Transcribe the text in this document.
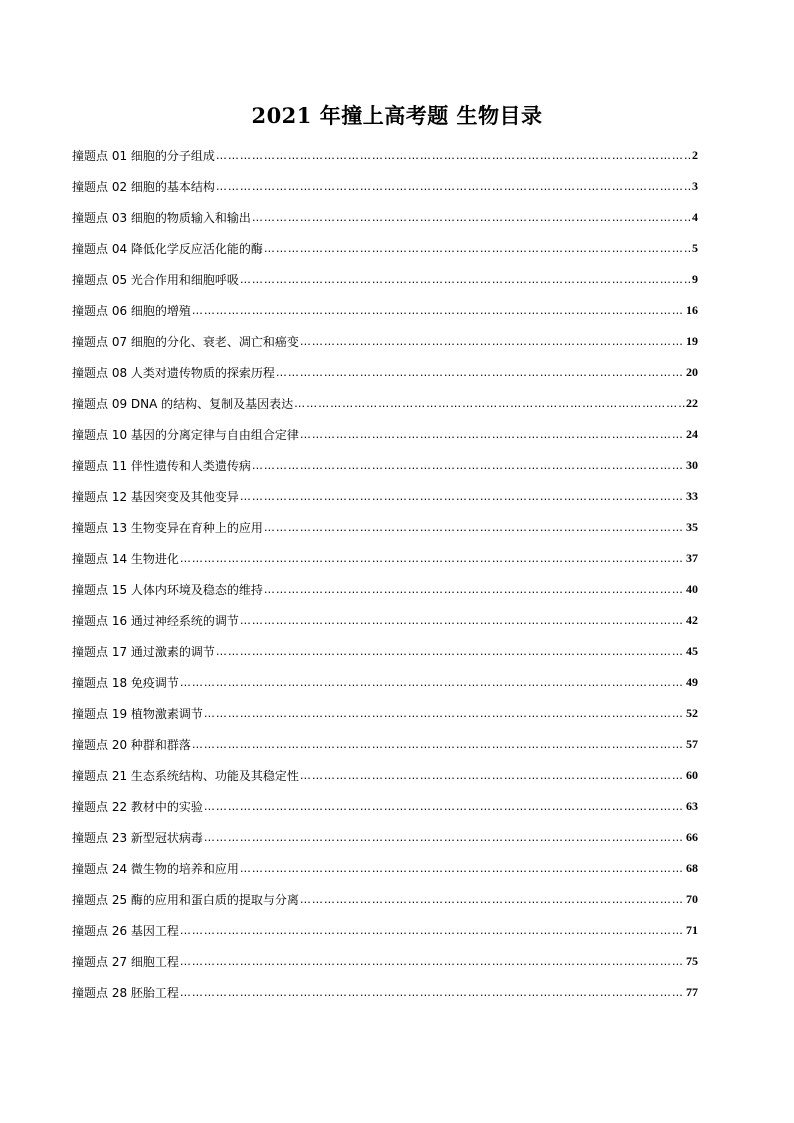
2021 年撞上高考题 生物目录
撞题点 01 细胞的分子组成 ……………………………………………………………………………………………………………………………………………………………………………………………………………………	2
撞题点 02 细胞的基本结构 ……………………………………………………………………………………………………………………………………………………………………………………………………………………	3
撞题点 03 细胞的物质输入和输出 ……………………………………………………………………………………………………………………………………………………………………………………………………………………	4
撞题点 04 降低化学反应活化能的酶 ……………………………………………………………………………………………………………………………………………………………………………………………………………………	5
撞题点 05 光合作用和细胞呼吸 ……………………………………………………………………………………………………………………………………………………………………………………………………………………	9
撞题点 06 细胞的增殖 ……………………………………………………………………………………………………………………………………………………………………………………………………………………	16
撞题点 07 细胞的分化、衰老、凋亡和癌变 ……………………………………………………………………………………………………………………………………………………………………………………………………………………	19
撞题点 08 人类对遗传物质的探索历程 ……………………………………………………………………………………………………………………………………………………………………………………………………………………	20
撞题点 09 DNA 的结构、复制及基因表达 ……………………………………………………………………………………………………………………………………………………………………………………………………………………	22
撞题点 10 基因的分离定律与自由组合定律 ……………………………………………………………………………………………………………………………………………………………………………………………………………………	24
撞题点 11 伴性遗传和人类遗传病 ……………………………………………………………………………………………………………………………………………………………………………………………………………………	30
撞题点 12 基因突变及其他变异 ……………………………………………………………………………………………………………………………………………………………………………………………………………………	33
撞题点 13 生物变异在育种上的应用 ……………………………………………………………………………………………………………………………………………………………………………………………………………………	35
撞题点 14 生物进化 ……………………………………………………………………………………………………………………………………………………………………………………………………………………	37
撞题点 15 人体内环境及稳态的维持 ……………………………………………………………………………………………………………………………………………………………………………………………………………………	40
撞题点 16 通过神经系统的调节 ……………………………………………………………………………………………………………………………………………………………………………………………………………………	42
撞题点 17 通过激素的调节 ……………………………………………………………………………………………………………………………………………………………………………………………………………………	45
撞题点 18 免疫调节 ……………………………………………………………………………………………………………………………………………………………………………………………………………………	49
撞题点 19 植物激素调节 ……………………………………………………………………………………………………………………………………………………………………………………………………………………	52
撞题点 20 种群和群落 ……………………………………………………………………………………………………………………………………………………………………………………………………………………	57
撞题点 21 生态系统结构、功能及其稳定性 ……………………………………………………………………………………………………………………………………………………………………………………………………………………	60
撞题点 22 教材中的实验 ……………………………………………………………………………………………………………………………………………………………………………………………………………………	63
撞题点 23 新型冠状病毒 ……………………………………………………………………………………………………………………………………………………………………………………………………………………	66
撞题点 24 微生物的培养和应用 ……………………………………………………………………………………………………………………………………………………………………………………………………………………	68
撞题点 25 酶的应用和蛋白质的提取与分离 ……………………………………………………………………………………………………………………………………………………………………………………………………………………	70
撞题点 26 基因工程 ……………………………………………………………………………………………………………………………………………………………………………………………………………………	71
撞题点 27 细胞工程 ……………………………………………………………………………………………………………………………………………………………………………………………………………………	75
撞题点 28 胚胎工程 ……………………………………………………………………………………………………………………………………………………………………………………………………………………	77
